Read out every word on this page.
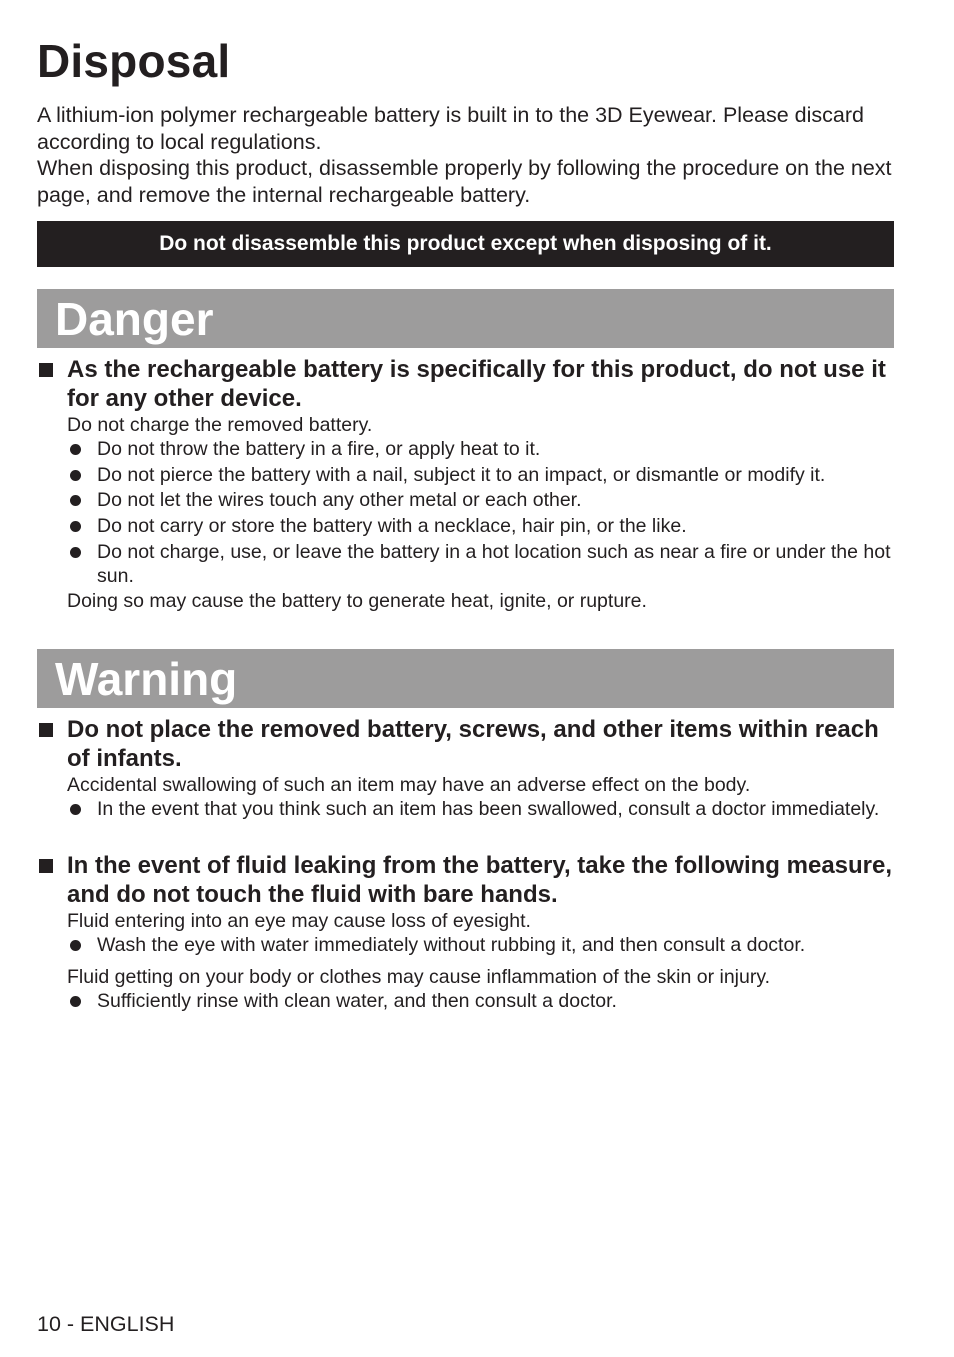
Disposal

A lithium-ion polymer rechargeable battery is built in to the 3D Eyewear. Please discard according to local regulations.

When disposing this product, disassemble properly by following the procedure on the next page, and remove the internal rechargeable battery.

Do not disassemble this product except when disposing of it.
Danger
As the rechargeable battery is specifically for this product, do not use it for any other device.
Do not charge the removed battery.
Do not throw the battery in a fire, or apply heat to it.
Do not pierce the battery with a nail, subject it to an impact, or dismantle or modify it.
Do not let the wires touch any other metal or each other.
Do not carry or store the battery with a necklace, hair pin, or the like.
Do not charge, use, or leave the battery in a hot location such as near a fire or under the hot sun.
Doing so may cause the battery to generate heat, ignite, or rupture.
Warning
Do not place the removed battery, screws, and other items within reach of infants.
Accidental swallowing of such an item may have an adverse effect on the body.
In the event that you think such an item has been swallowed, consult a doctor immediately.
In the event of fluid leaking from the battery, take the following measure, and do not touch the fluid with bare hands.
Fluid entering into an eye may cause loss of eyesight.
Wash the eye with water immediately without rubbing it, and then consult a doctor.
Fluid getting on your body or clothes may cause inflammation of the skin or injury.
Sufficiently rinse with clean water, and then consult a doctor.
10 - ENGLISH
